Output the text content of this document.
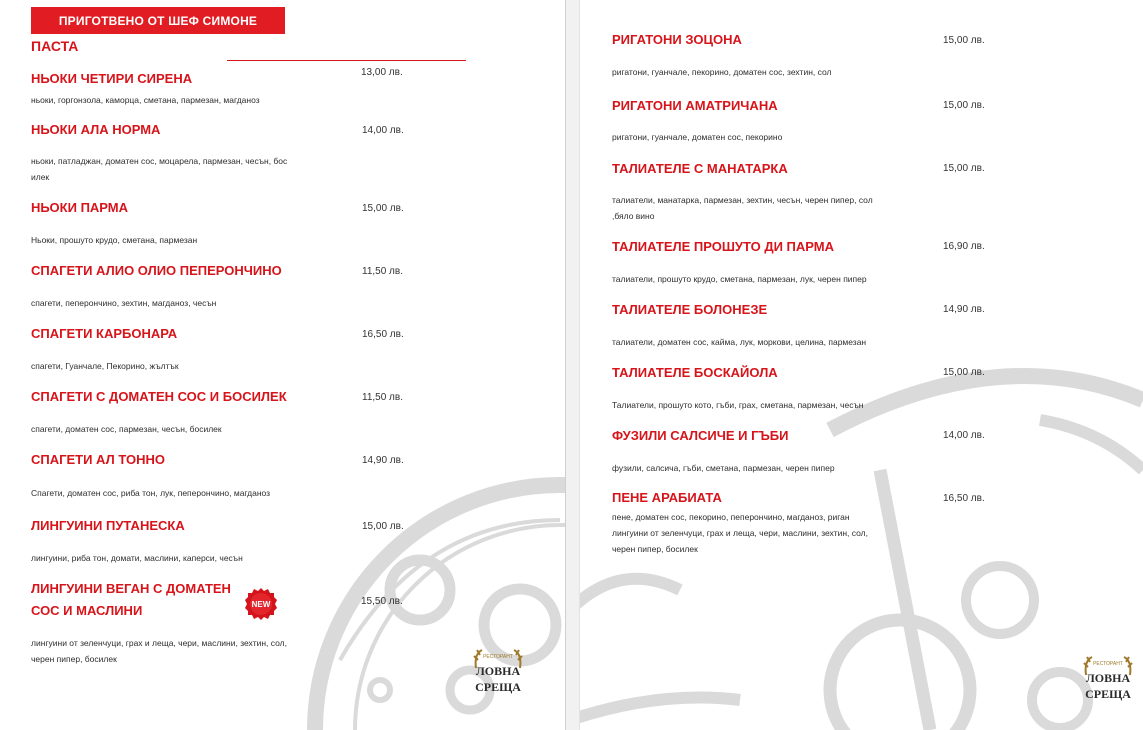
ПРИГОТВЕНО ОТ ШЕФ СИМОНЕ
ПАСТА
НЬОКИ ЧЕТИРИ СИРЕНА	13,00 лв.
ньоки, горгонзола, каморца, сметана, пармезан, магданоз
НЬОКИ АЛА НОРМА	14,00 лв.
ньоки, патладжан, доматен сос, моцарела, пармезан, чесън, бос
илек
НЬОКИ ПАРМА	15,00 лв.
Ньоки, прошуто крудо, сметана, пармезан
СПАГЕТИ АЛИО ОЛИО ПЕПЕРОНЧИНО	11,50 лв.
спагети, пеперончино, зехтин, магданоз, чесън
СПАГЕТИ КАРБОНАРА	16,50 лв.
спагети, Гуанчале, Пекорино, жълтък
СПАГЕТИ С ДОМАТЕН СОС И БОСИЛЕК	11,50 лв.
спагети, доматен сос, пармезан, чесън, босилек
СПАГЕТИ АЛ ТОННО	14,90 лв.
Спагети, доматен сос, риба тон, лук, пеперончино, магданоз
ЛИНГУИНИ ПУТАНЕСКА	15,00 лв.
лингуини, риба тон, домати, маслини, каперси, чесън
ЛИНГУИНИ ВЕГАН С ДОМАТЕН
СОС И МАСЛИНИ	NEW	15,50 лв.
лингуини от зеленчуци, грах и леща, чери, маслини, зехтин, сол,
черен пипер, босилек	РЕСТОРАНТ
ЛОВНА
СРЕЩА
РИГАТОНИ ЗОЦОНА	15,00 лв.
ригатони, гуанчале, пекорино, доматен сос, зехтин, сол
РИГАТОНИ АМАТРИЧАНА	15,00 лв.
ригатони, гуанчале, доматен сос, пекорино
ТАЛИАТЕЛЕ С МАНАТАРКА	15,00 лв.
талиатели, манатарка, пармезан, зехтин, чесън, черен пипер, сол
,бяло вино
ТАЛИАТЕЛЕ ПРОШУТО ДИ ПАРМА	16,90 лв.
талиатели, прошуто крудо, сметана, пармезан, лук, черен пипер
ТАЛИАТЕЛЕ БОЛОНЕЗЕ	14,90 лв.
талиатели, доматен сос, кайма, лук, моркови, целина, пармезан
ТАЛИАТЕЛЕ БОСКАЙОЛА	15,00 лв.
Талиатели, прошуто кото, гъби, грах, сметана, пармезан, чесън
ФУЗИЛИ САЛСИЧЕ И ГЪБИ	14,00 лв.
фузили, салсича, гъби, сметана, пармезан, черен пипер
ПЕНЕ АРАБИАТА	16,50 лв.
пене, доматен сос, пекорино, пеперончино, магданоз, риган
лингуини от зеленчуци, грах и леща, чери, маслини, зехтин, сол,
черен пипер, босилек
РЕСТОРАНТ
ЛОВНА
СРЕЩА
